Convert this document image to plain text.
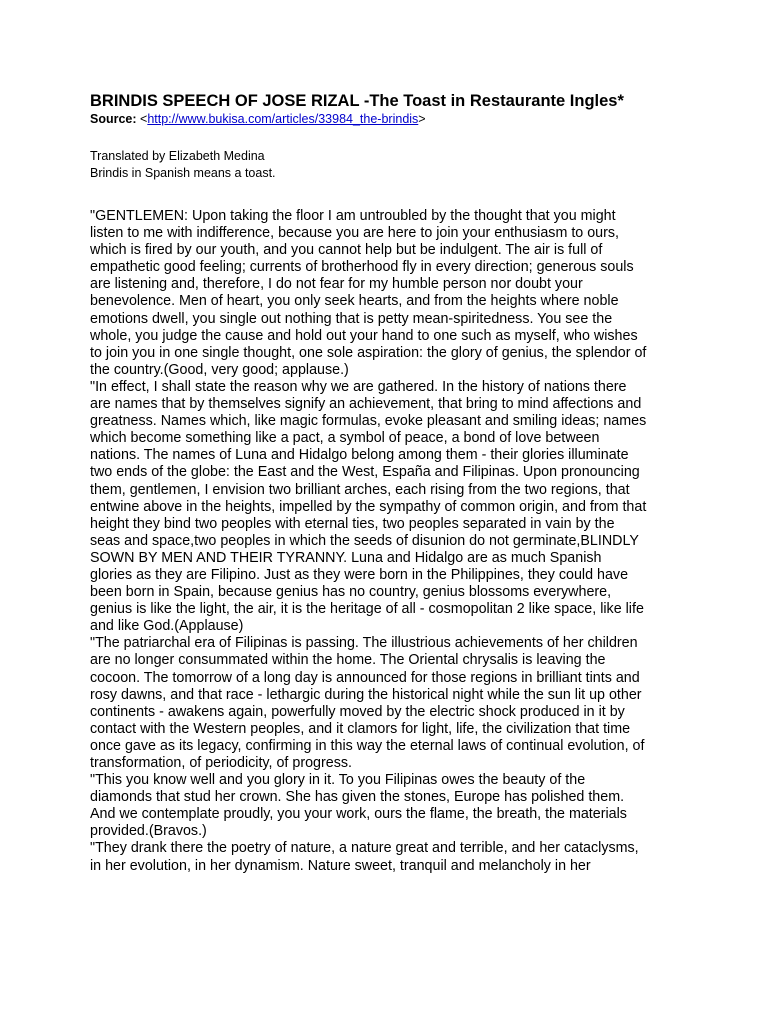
BRINDIS SPEECH OF JOSE RIZAL -The Toast in Restaurante Ingles*

Source: <http://www.bukisa.com/articles/33984_the-brindis>

Translated by Elizabeth Medina
Brindis in Spanish means a toast.
"GENTLEMEN: Upon taking the floor I am untroubled by the thought that you might
listen to me with indifference, because you are here to join your enthusiasm to ours,
which is fired by our youth, and you cannot help but be indulgent. The air is full of
empathetic good feeling; currents of brotherhood fly in every direction; generous souls
are listening and, therefore, I do not fear for my humble person nor doubt your
benevolence. Men of heart, you only seek hearts, and from the heights where noble
emotions dwell, you single out nothing that is petty mean-spiritedness. You see the
whole, you judge the cause and hold out your hand to one such as myself, who wishes
to join you in one single thought, one sole aspiration: the glory of genius, the splendor of
the country.(Good, very good; applause.)
"In effect, I shall state the reason why we are gathered. In the history of nations there
are names that by themselves signify an achievement, that bring to mind affections and
greatness. Names which, like magic formulas, evoke pleasant and smiling ideas; names
which become something like a pact, a symbol of peace, a bond of love between
nations. The names of Luna and Hidalgo belong among them - their glories illuminate
two ends of the globe: the East and the West, España and Filipinas. Upon pronouncing
them, gentlemen, I envision two brilliant arches, each rising from the two regions, that
entwine above in the heights, impelled by the sympathy of common origin, and from that
height they bind two peoples with eternal ties, two peoples separated in vain by the
seas and space,two peoples in which the seeds of disunion do not germinate,BLINDLY
SOWN BY MEN AND THEIR TYRANNY. Luna and Hidalgo are as much Spanish
glories as they are Filipino. Just as they were born in the Philippines, they could have
been born in Spain, because genius has no country, genius blossoms everywhere,
genius is like the light, the air, it is the heritage of all - cosmopolitan 2 like space, like life
and like God.(Applause)
"The patriarchal era of Filipinas is passing. The illustrious achievements of her children
are no longer consummated within the home. The Oriental chrysalis is leaving the
cocoon. The tomorrow of a long day is announced for those regions in brilliant tints and
rosy dawns, and that race - lethargic during the historical night while the sun lit up other
continents - awakens again, powerfully moved by the electric shock produced in it by
contact with the Western peoples, and it clamors for light, life, the civilization that time
once gave as its legacy, confirming in this way the eternal laws of continual evolution, of
transformation, of periodicity, of progress.
"This you know well and you glory in it. To you Filipinas owes the beauty of the
diamonds that stud her crown. She has given the stones, Europe has polished them.
And we contemplate proudly, you your work, ours the flame, the breath, the materials
provided.(Bravos.)
"They drank there the poetry of nature, a nature great and terrible, and her cataclysms,
in her evolution, in her dynamism. Nature sweet, tranquil and melancholy in her
